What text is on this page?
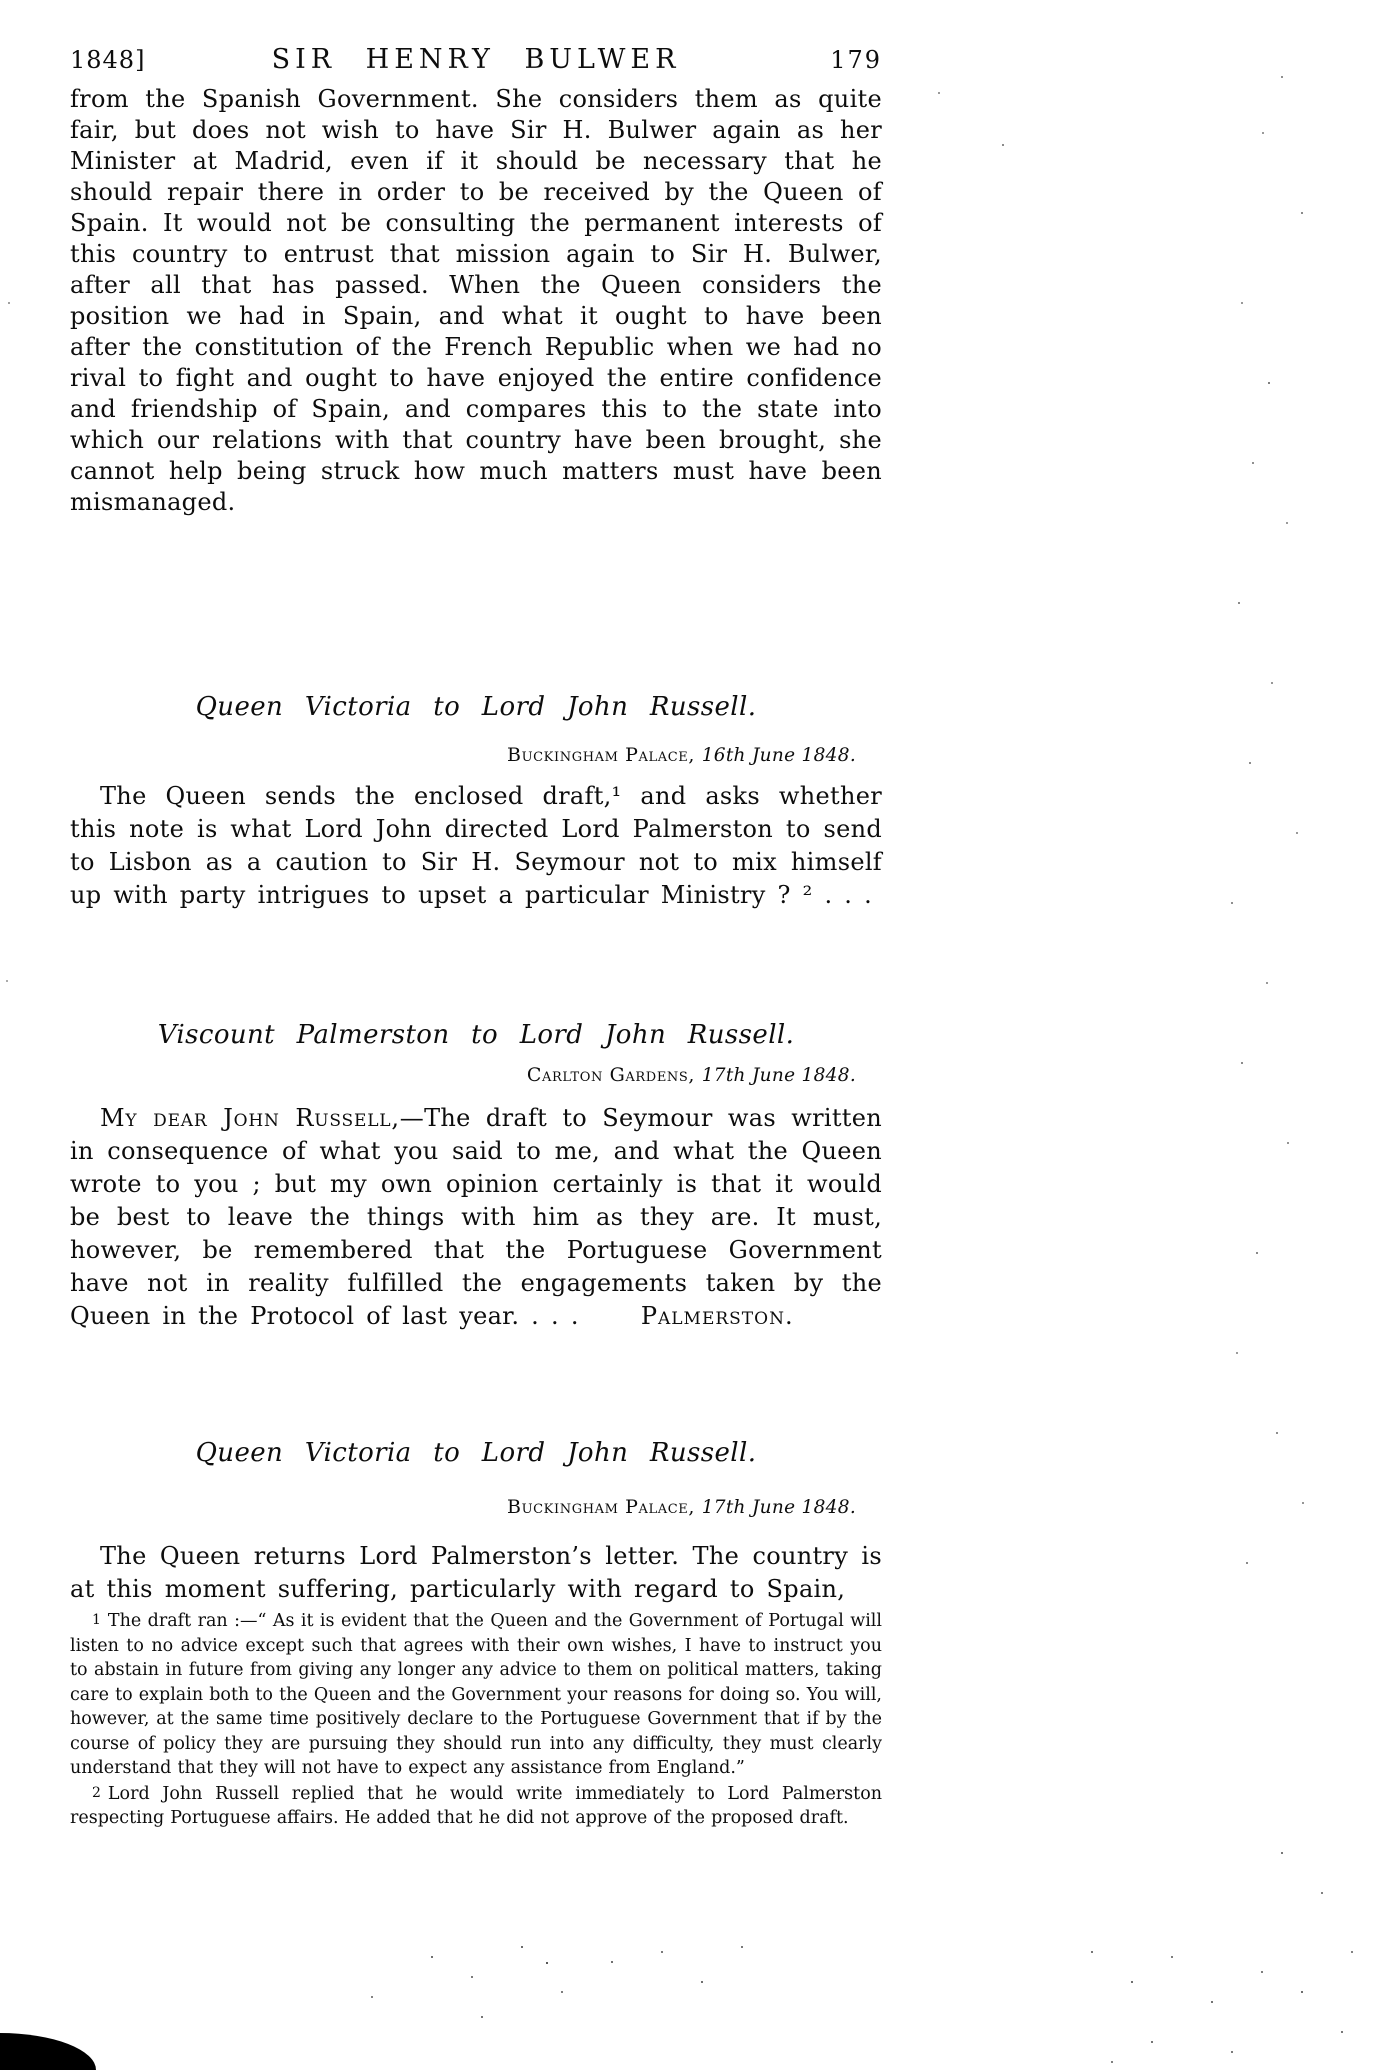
1848]	SIR HENRY BULWER	179

from the Spanish Government. She considers them as quite fair, but does not wish to have Sir H. Bulwer again as her Minister at Madrid, even if it should be necessary that he should repair there in order to be received by the Queen of Spain. It would not be consulting the permanent interests of this country to entrust that mission again to Sir H. Bulwer, after all that has passed. When the Queen considers the position we had in Spain, and what it ought to have been after the constitution of the French Republic when we had no rival to fight and ought to have enjoyed the entire confidence and friendship of Spain, and compares this to the state into which our relations with that country have been brought, she cannot help being struck how much matters must have been mismanaged.

Queen Victoria to Lord John Russell.
Buckingham Palace, 16th June 1848.

The Queen sends the enclosed draft,¹ and asks whether this note is what Lord John directed Lord Palmerston to send to Lisbon as a caution to Sir H. Seymour not to mix himself up with party intrigues to upset a particular Ministry ? ² . . .

Viscount Palmerston to Lord John Russell.
Carlton Gardens, 17th June 1848.

My dear John Russell,—The draft to Seymour was written in consequence of what you said to me, and what the Queen wrote to you ; but my own opinion certainly is that it would be best to leave the things with him as they are. It must, however, be remembered that the Portuguese Government have not in reality fulfilled the engagements taken by the Queen in the Protocol of last year. . . .	Palmerston.

Queen Victoria to Lord John Russell.
Buckingham Palace, 17th June 1848.

The Queen returns Lord Palmerston’s letter. The country is at this moment suffering, particularly with regard to Spain,

1 The draft ran :—“ As it is evident that the Queen and the Government of Portugal will listen to no advice except such that agrees with their own wishes, I have to instruct you to abstain in future from giving any longer any advice to them on political matters, taking care to explain both to the Queen and the Government your reasons for doing so. You will, however, at the same time positively declare to the Portuguese Government that if by the course of policy they are pursuing they should run into any difficulty, they must clearly understand that they will not have to expect any assistance from England.”

2 Lord John Russell replied that he would write immediately to Lord Palmerston respecting Portuguese affairs. He added that he did not approve of the proposed draft.
